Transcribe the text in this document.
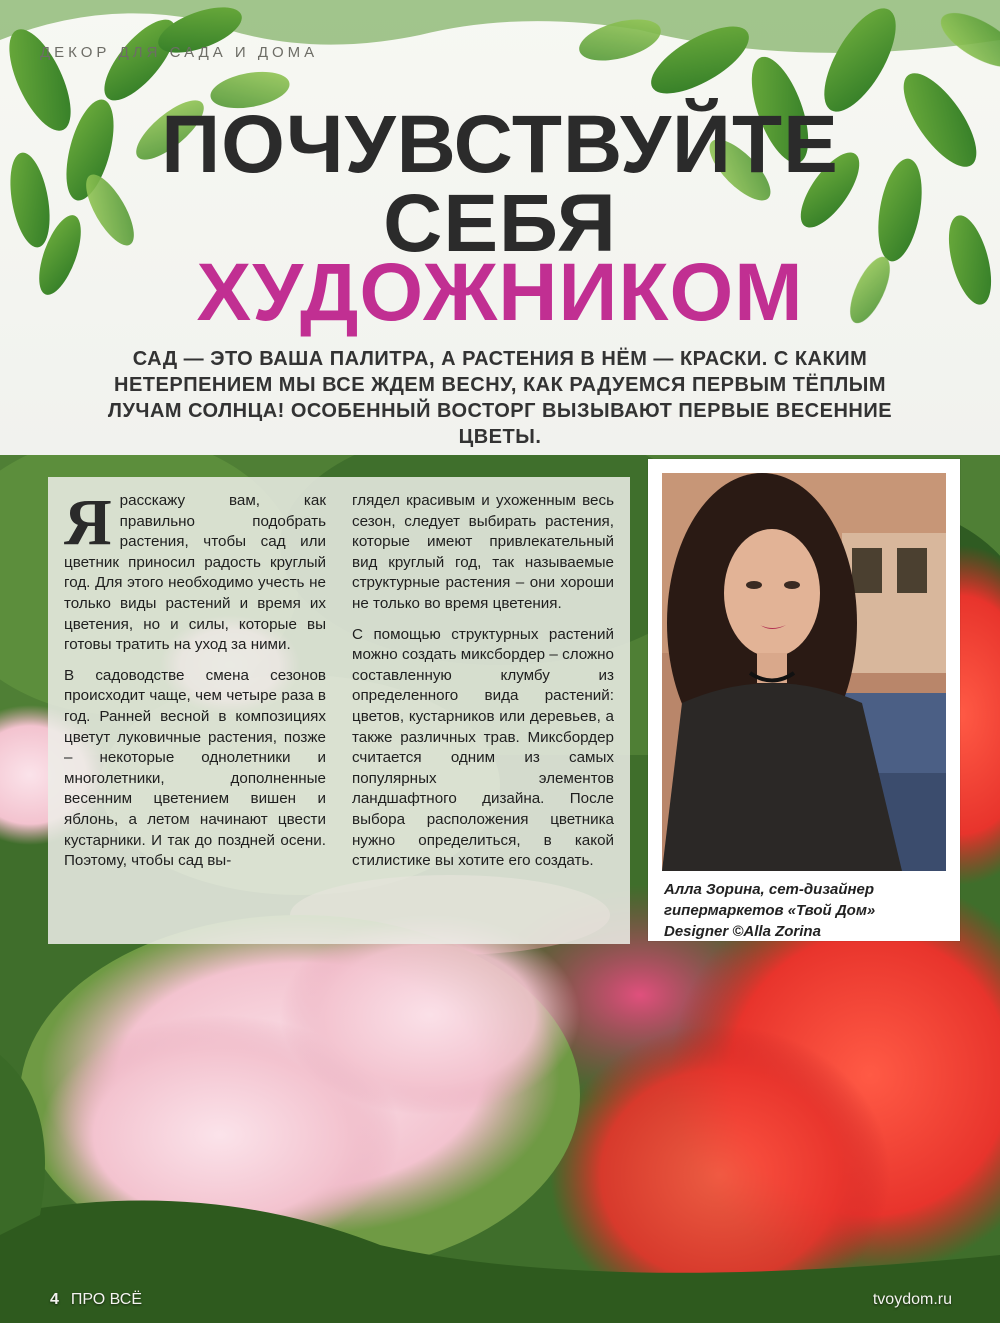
ДЕКОР ДЛЯ САДА И ДОМА
ПОЧУВСТВУЙТЕ
СЕБЯ
ХУДОЖНИКОМ
САД — ЭТО ВАША ПАЛИТРА, А РАСТЕНИЯ В НЁМ — КРАСКИ. С КАКИМ НЕТЕРПЕНИЕМ МЫ ВСЕ ЖДЕМ ВЕСНУ, КАК РАДУЕМСЯ ПЕРВЫМ ТЁПЛЫМ ЛУЧАМ СОЛНЦА! ОСОБЕННЫЙ ВОСТОРГ ВЫЗЫВАЮТ ПЕРВЫЕ ВЕСЕННИЕ ЦВЕТЫ.

Ярасскажу вам, как правильно подобрать растения, чтобы сад или цветник приносил радость круглый год. Для этого необходимо учесть не только виды растений и время их цветения, но и силы, которые вы готовы тратить на уход за ними.

В садоводстве смена сезонов происходит чаще, чем четыре раза в год. Ранней весной в композициях цветут луковичные растения, позже – некоторые однолетники и многолетники, дополненные весенним цветением вишен и яблонь, а летом начинают цвести кустарники. И так до поздней осени. Поэтому, чтобы сад вы-

глядел красивым и ухоженным весь сезон, следует выбирать растения, которые имеют привлекательный вид круглый год, так называемые структурные растения – они хороши не только во время цветения.

С помощью структурных растений можно создать миксбордер – сложно составленную клумбу из определенного вида растений: цветов, кустарников или деревьев, а также различных трав. Миксбордер считается одним из самых популярных элементов ландшафтного дизайна. После выбора расположения цветника нужно определиться, в какой стилистике вы хотите его создать.

Алла Зорина, сет-дизайнер
гипермаркетов «Твой Дом»
Designer ©Alla Zorina
4 ПРО ВСЁ	tvoydom.ru
